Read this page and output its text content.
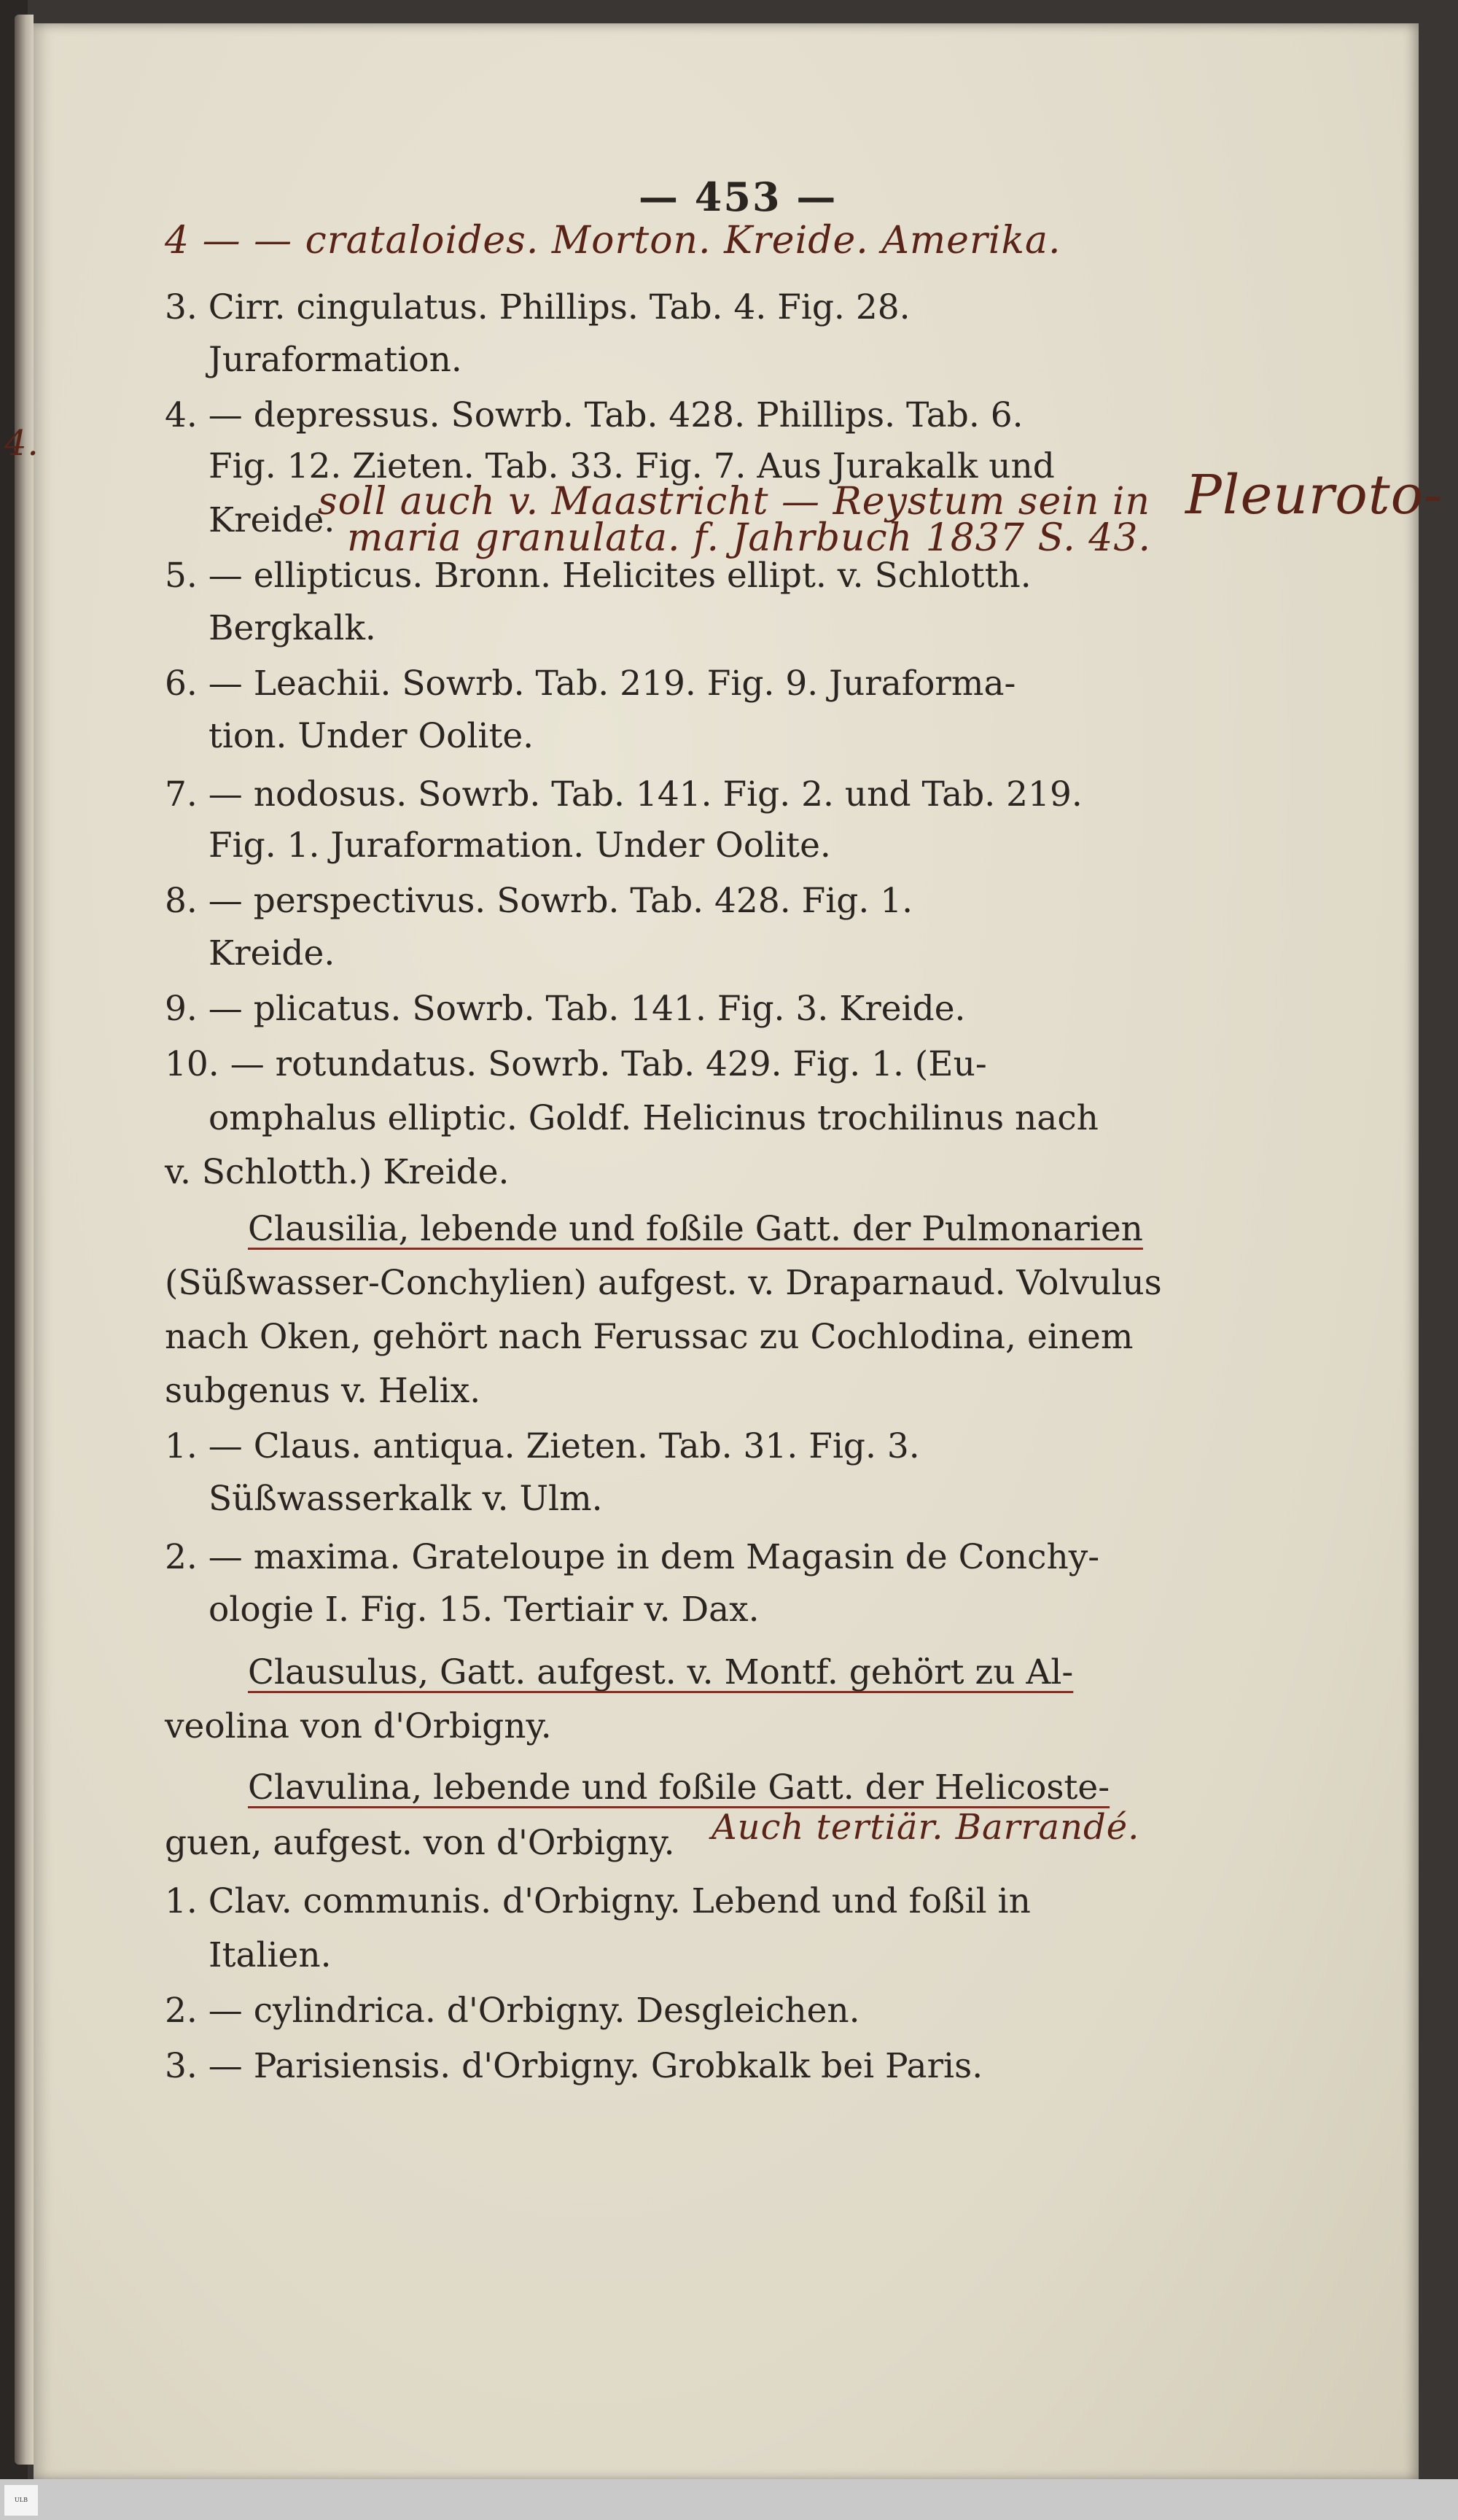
— 453 —
4 — — crataloides. Morton. Kreide. Amerika.
4.
3. Cirr. cingulatus. Phillips. Tab. 4. Fig. 28.
Juraformation.
4. — depressus. Sowrb. Tab. 428. Phillips. Tab. 6.
Fig. 12. Zieten. Tab. 33. Fig. 7. Aus Jurakalk und
Kreide.
soll auch v. Maastricht — Reystum sein in
maria granulata. f. Jahrbuch 1837 S. 43.
Pleuroto-
5. — ellipticus. Bronn. Helicites ellipt. v. Schlotth.
Bergkalk.
6. — Leachii. Sowrb. Tab. 219. Fig. 9. Juraforma-
tion. Under Oolite.
7. — nodosus. Sowrb. Tab. 141. Fig. 2. und Tab. 219.
Fig. 1. Juraformation. Under Oolite.
8. — perspectivus. Sowrb. Tab. 428. Fig. 1.
Kreide.
9. — plicatus. Sowrb. Tab. 141. Fig. 3. Kreide.
10. — rotundatus. Sowrb. Tab. 429. Fig. 1. (Eu-
omphalus elliptic. Goldf. Helicinus trochilinus nach
v. Schlotth.) Kreide.
Clausilia, lebende und foßile Gatt. der Pulmonarien
(Süßwasser-Conchylien) aufgest. v. Draparnaud. Volvulus
nach Oken, gehört nach Ferussac zu Cochlodina, einem
subgenus v. Helix.
1. — Claus. antiqua. Zieten. Tab. 31. Fig. 3.
Süßwasserkalk v. Ulm.
2. — maxima. Grateloupe in dem Magasin de Conchy-
ologie I. Fig. 15. Tertiair v. Dax.
Clausulus, Gatt. aufgest. v. Montf. gehört zu Al-
veolina von d'Orbigny.
Clavulina, lebende und foßile Gatt. der Helicoste-
guen, aufgest. von d'Orbigny. Auch tertiär. Barrandé.
1. Clav. communis. d'Orbigny. Lebend und foßil in
Italien.
2. — cylindrica. d'Orbigny. Desgleichen.
3. — Parisiensis. d'Orbigny. Grobkalk bei Paris.
ULB
